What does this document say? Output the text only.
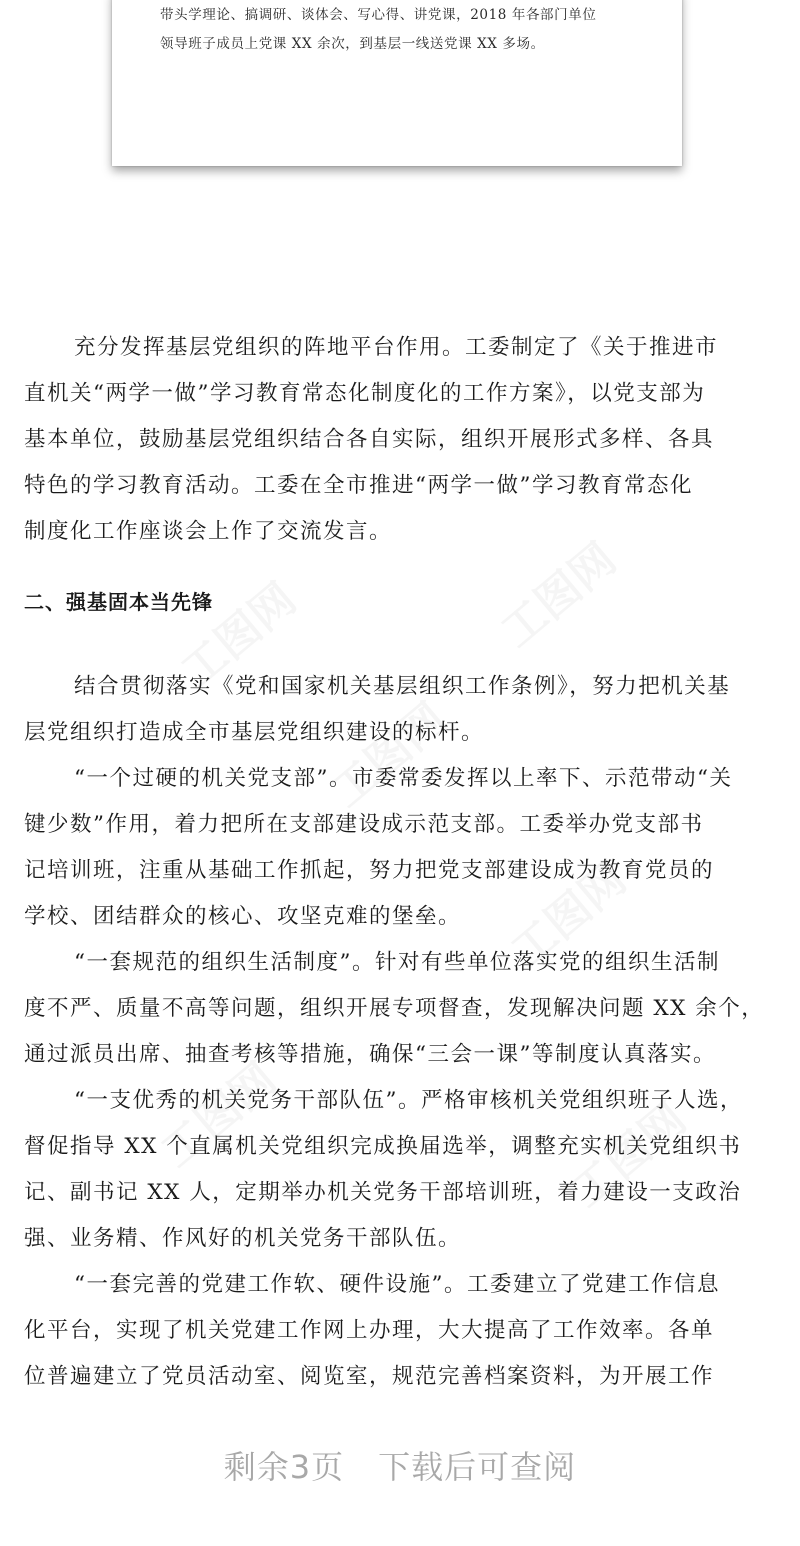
带头学理论、搞调研、谈体会、写心得、讲党课，2018 年各部门单位

领导班子成员上党课 XX 余次，到基层一线送党课 XX 多场。

工图网	工图网
工图网
工图网
工图网	工图网
充分发挥基层党组织的阵地平台作用。工委制定了《关于推进市
直机关“两学一做”学习教育常态化制度化的工作方案》，以党支部为
基本单位，鼓励基层党组织结合各自实际，组织开展形式多样、各具
特色的学习教育活动。工委在全市推进“两学一做”学习教育常态化
制度化工作座谈会上作了交流发言。
二、强基固本当先锋
结合贯彻落实《党和国家机关基层组织工作条例》，努力把机关基
层党组织打造成全市基层党组织建设的标杆。
“一个过硬的机关党支部”。市委常委发挥以上率下、示范带动“关
键少数”作用，着力把所在支部建设成示范支部。工委举办党支部书
记培训班，注重从基础工作抓起，努力把党支部建设成为教育党员的
学校、团结群众的核心、攻坚克难的堡垒。
“一套规范的组织生活制度”。针对有些单位落实党的组织生活制
度不严、质量不高等问题，组织开展专项督查，发现解决问题 XX 余个，
通过派员出席、抽查考核等措施，确保“三会一课”等制度认真落实。
“一支优秀的机关党务干部队伍”。严格审核机关党组织班子人选，
督促指导 XX 个直属机关党组织完成换届选举，调整充实机关党组织书
记、副书记 XX 人，定期举办机关党务干部培训班，着力建设一支政治
强、业务精、作风好的机关党务干部队伍。
“一套完善的党建工作软、硬件设施”。工委建立了党建工作信息
化平台，实现了机关党建工作网上办理，大大提高了工作效率。各单
位普遍建立了党员活动室、阅览室，规范完善档案资料，为开展工作
剩余3页 下载后可查阅
